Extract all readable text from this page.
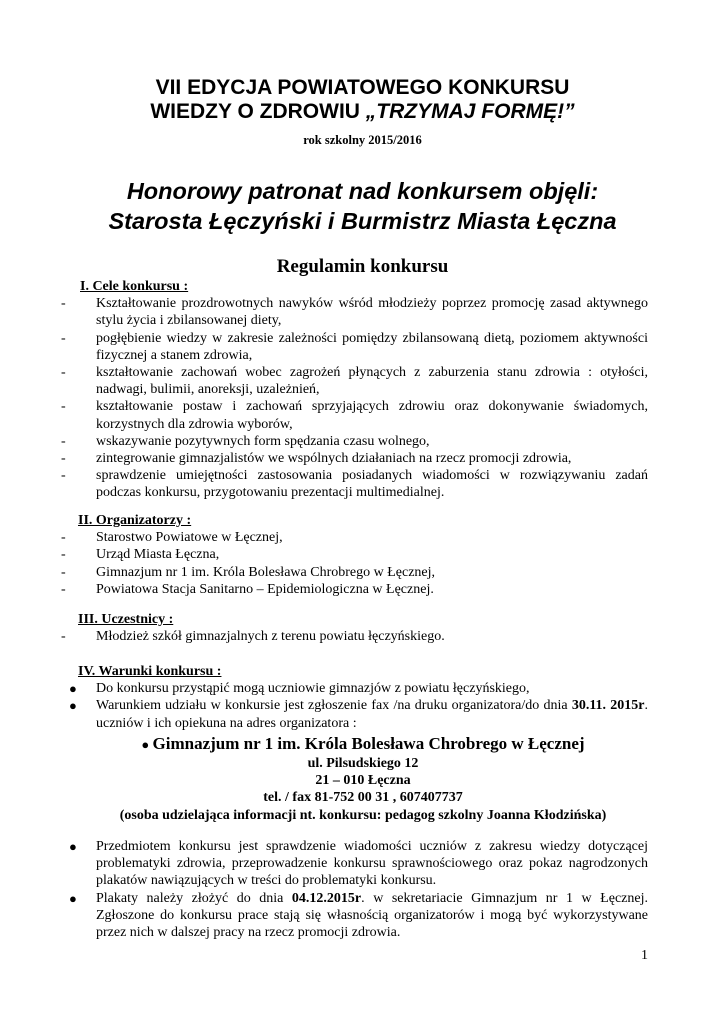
VII EDYCJA POWIATOWEGO KONKURSU
WIEDZY O ZDROWIU „TRZYMAJ FORMĘ!”
rok szkolny 2015/2016
Honorowy patronat nad konkursem objęli:
Starosta Łęczyński i Burmistrz Miasta Łęczna
Regulamin konkursu
I. Cele konkursu :
- Kształtowanie prozdrowotnych nawyków wśród młodzieży poprzez promocję zasad aktywnego stylu życia i zbilansowanej diety,
- pogłębienie wiedzy w zakresie zależności pomiędzy zbilansowaną dietą, poziomem aktywności fizycznej a stanem zdrowia,
- kształtowanie zachowań wobec zagrożeń płynących z zaburzenia stanu zdrowia : otyłości, nadwagi, bulimii, anoreksji, uzależnień,
- kształtowanie postaw i zachowań sprzyjających zdrowiu oraz dokonywanie świadomych, korzystnych dla zdrowia wyborów,
- wskazywanie pozytywnych form spędzania czasu wolnego,
- zintegrowanie gimnazjalistów we wspólnych działaniach na rzecz promocji zdrowia,
- sprawdzenie umiejętności zastosowania posiadanych wiadomości w rozwiązywaniu zadań podczas konkursu, przygotowaniu prezentacji multimedialnej.
II. Organizatorzy :
- Starostwo Powiatowe w Łęcznej,
- Urząd Miasta Łęczna,
- Gimnazjum nr 1 im. Króla Bolesława Chrobrego w Łęcznej,
- Powiatowa Stacja Sanitarno – Epidemiologiczna w Łęcznej.
III. Uczestnicy :
- Młodzież szkół gimnazjalnych z terenu powiatu łęczyńskiego.
IV. Warunki konkursu :
● Do konkursu przystąpić mogą uczniowie gimnazjów z powiatu łęczyńskiego,
● Warunkiem udziału w konkursie jest zgłoszenie fax /na druku organizatora/do dnia 30.11. 2015r. uczniów i ich opiekuna na adres organizatora :
● Gimnazjum nr 1 im. Króla Bolesława Chrobrego w Łęcznej
ul. Pilsudskiego 12
21 – 010 Łęczna
tel. / fax 81-752 00 31 , 607407737
(osoba udzielająca informacji nt. konkursu: pedagog szkolny Joanna Kłodzińska)
● Przedmiotem konkursu jest sprawdzenie wiadomości uczniów z zakresu wiedzy dotyczącej problematyki zdrowia, przeprowadzenie konkursu sprawnościowego oraz pokaz nagrodzonych plakatów nawiązujących w treści do problematyki konkursu.
● Plakaty należy złożyć do dnia 04.12.2015r. w sekretariacie Gimnazjum nr 1 w Łęcznej. Zgłoszone do konkursu prace stają się własnością organizatorów i mogą być wykorzystywane przez nich w dalszej pracy na rzecz promocji zdrowia.
1
